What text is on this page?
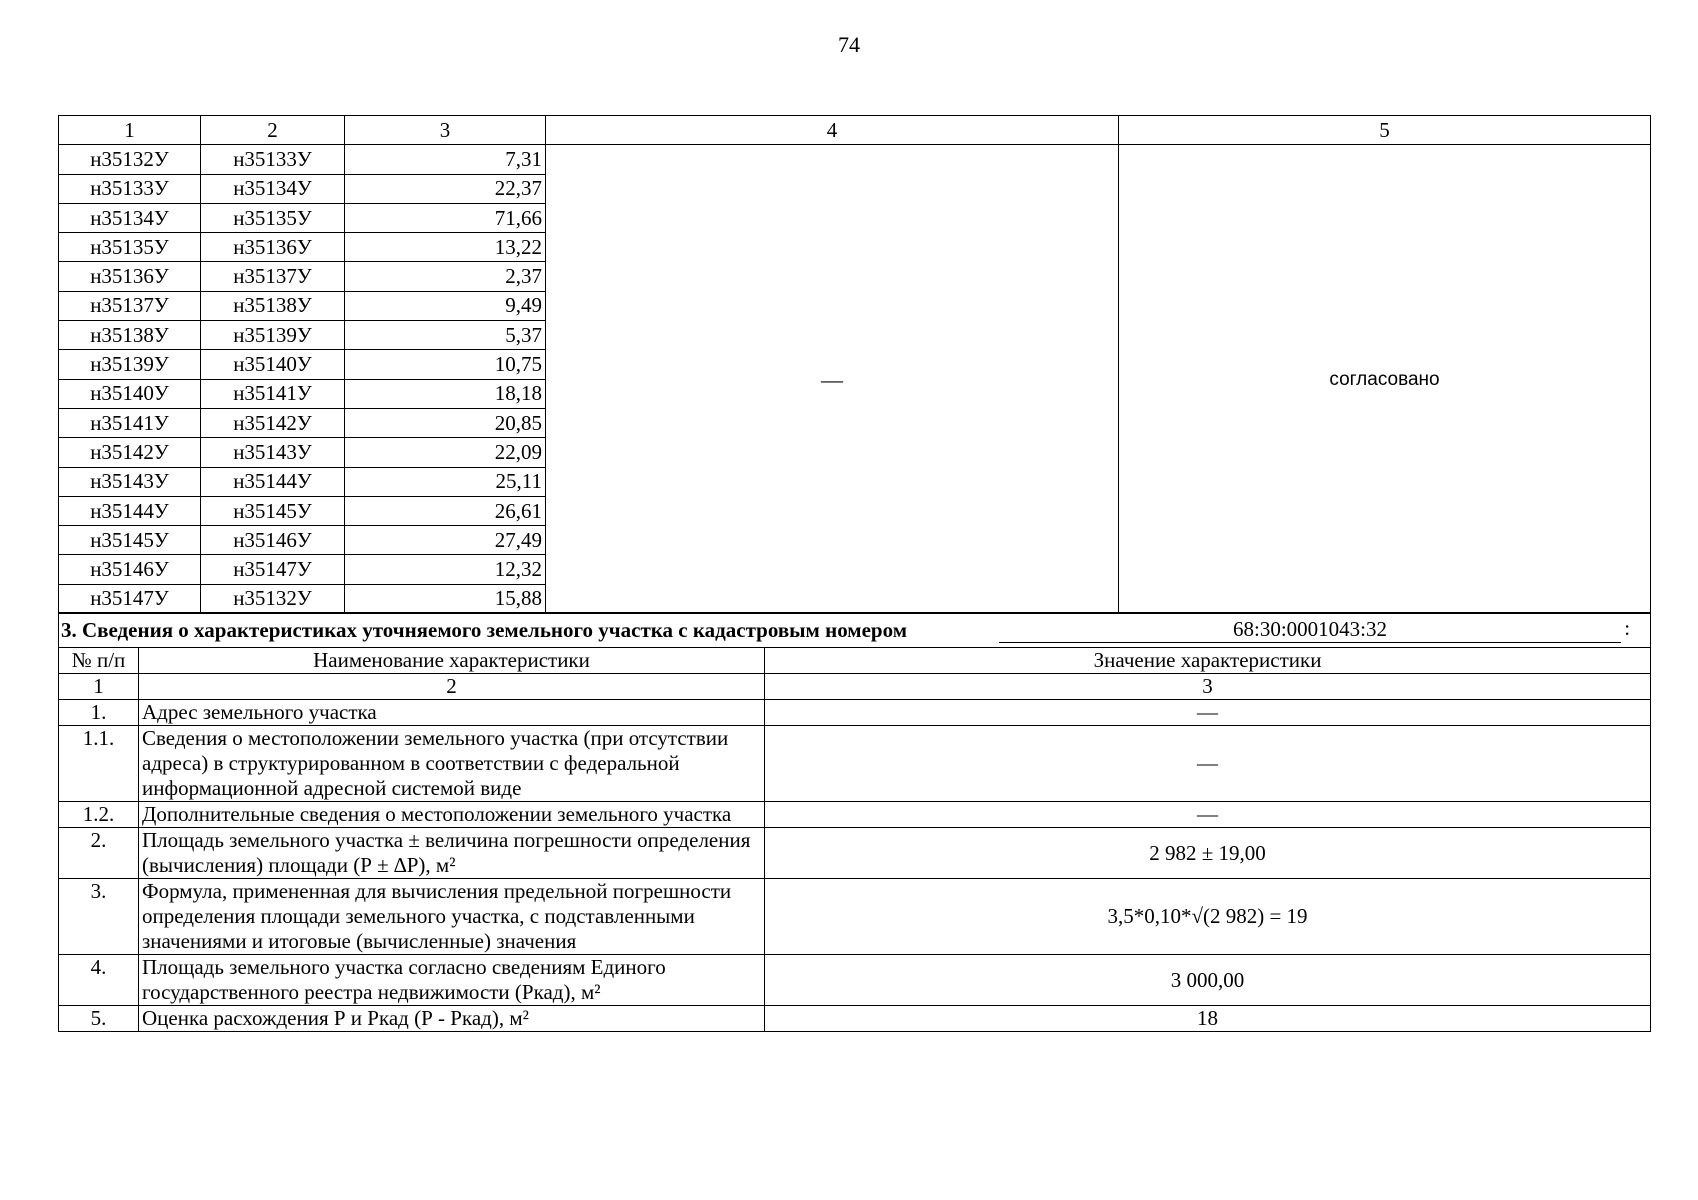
74
1	2	3	4	5
н35132У	н35133У	7,31	—	согласовано
н35133У	н35134У	22,37		
н35134У	н35135У	71,66		
н35135У	н35136У	13,22		
н35136У	н35137У	2,37		
н35137У	н35138У	9,49		
н35138У	н35139У	5,37		
н35139У	н35140У	10,75		
н35140У	н35141У	18,18		
н35141У	н35142У	20,85		
н35142У	н35143У	22,09		
н35143У	н35144У	25,11		
н35144У	н35145У	26,61		
н35145У	н35146У	27,49		
н35146У	н35147У	12,32		
н35147У	н35132У	15,88		
3. Сведения о характеристиках уточняемого земельного участка с кадастровым номером 68:30:0001043:32 :		

№ п/п	Наименование характеристики	Значение характеристики
1	2	3
1.	Адрес земельного участка	—
1.1.	Сведения о местоположении земельного участка (при отсутствии адреса) в структурированном в соответствии с федеральной информационной адресной системой виде	—
1.2.	Дополнительные сведения о местоположении земельного участка	—
2.	Площадь земельного участка ± величина погрешности определения (вычисления) площади (Р ± ∆Р), м²	2 982 ± 19,00
3.	Формула, примененная для вычисления предельной погрешности определения площади земельного участка, с подставленными значениями и итоговые (вычисленные) значения	3,5*0,10*√(2 982) = 19
4.	Площадь земельного участка согласно сведениям Единого государственного реестра недвижимости (Ркад), м²	3 000,00
5.	Оценка расхождения Р и Ркад (Р - Ркад), м²	18
